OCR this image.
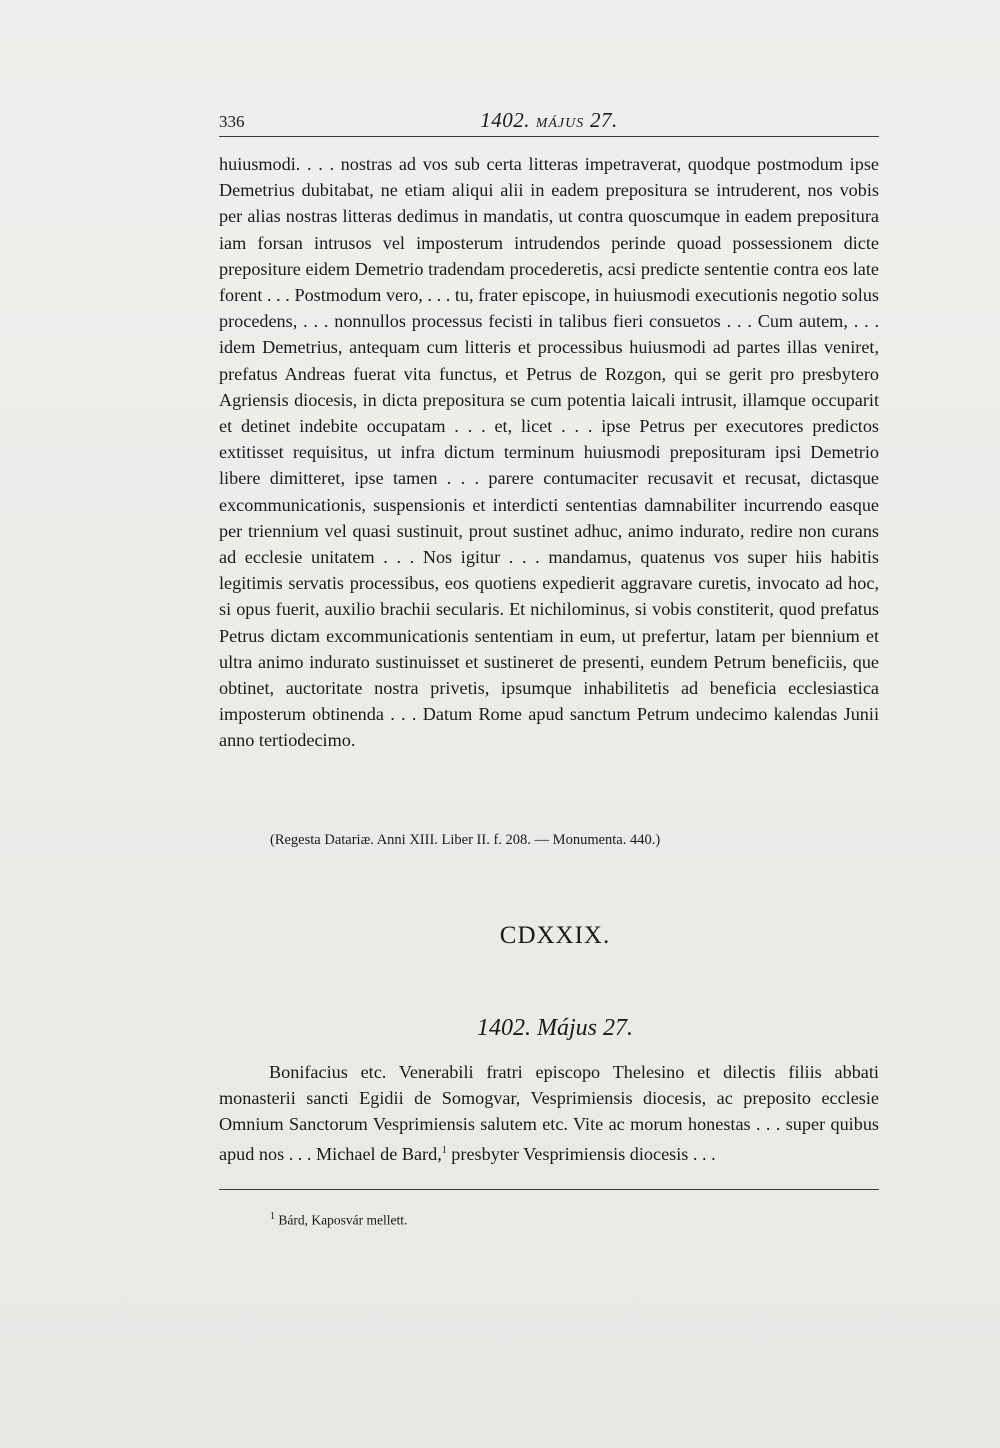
336	1402. MÁJUS 27.
huiusmodi. . . . nostras ad vos sub certa litteras impetraverat, quodque postmodum ipse Demetrius dubitabat, ne etiam aliqui alii in eadem prepositura se intruderent, nos vobis per alias nostras litteras dedimus in mandatis, ut contra quoscumque in eadem prepositura iam forsan intrusos vel imposterum intrudendos perinde quoad possessionem dicte prepositure eidem Demetrio tradendam procederetis, acsi predicte sententie contra eos late forent . . . Postmodum vero, . . . tu, frater episcope, in huiusmodi executionis negotio solus procedens, . . . nonnullos processus fecisti in talibus fieri consuetos . . . Cum autem, . . . idem Demetrius, antequam cum litteris et processibus huiusmodi ad partes illas veniret, prefatus Andreas fuerat vita functus, et Petrus de Rozgon, qui se gerit pro presbytero Agriensis diocesis, in dicta prepositura se cum potentia laicali intrusit, illamque occuparit et detinet indebite occupatam . . . et, licet . . . ipse Petrus per executores predictos extitisset requisitus, ut infra dictum terminum huiusmodi preposituram ipsi Demetrio libere dimitteret, ipse tamen . . . parere contumaciter recusavit et recusat, dictasque excommunicationis, suspensionis et interdicti sententias damnabiliter incurrendo easque per triennium vel quasi sustinuit, prout sustinet adhuc, animo indurato, redire non curans ad ecclesie unitatem . . . Nos igitur . . . mandamus, quatenus vos super hiis habitis legitimis servatis processibus, eos quotiens expedierit aggravare curetis, invocato ad hoc, si opus fuerit, auxilio brachii secularis. Et nichilominus, si vobis constiterit, quod prefatus Petrus dictam excommunicationis sententiam in eum, ut prefertur, latam per biennium et ultra animo indurato sustinuisset et sustineret de presenti, eundem Petrum beneficiis, que obtinet, auctoritate nostra privetis, ipsumque inhabilitetis ad beneficia ecclesiastica imposterum obtinenda . . . Datum Rome apud sanctum Petrum undecimo kalendas Junii anno tertiodecimo.
(Regesta Datariæ. Anni XIII. Liber II. f. 208. — Monumenta. 440.)
CDXXIX.
1402. Május 27.
Bonifacius etc. Venerabili fratri episcopo Thelesino et dilectis filiis abbati monasterii sancti Egidii de Somogvar, Vesprimiensis diocesis, ac preposito ecclesie Omnium Sanctorum Vesprimiensis salutem etc. Vite ac morum honestas . . . super quibus apud nos . . . Michael de Bard,$^1$ presbyter Vesprimiensis diocesis . . .
$^1$ Bárd, Kaposvár mellett.
